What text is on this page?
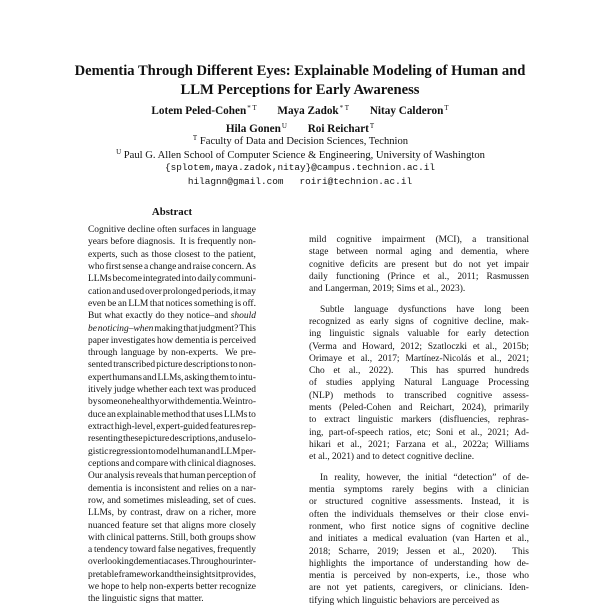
Dementia Through Different Eyes: Explainable Modeling of Human and
LLM Perceptions for Early Awareness
Lotem Peled-Cohen$^{* T}$ Maya Zadok$^{* T}$ Nitay Calderon$^T$
Hila Gonen$^U$ Roi Reichart$^T$
$^T$ Faculty of Data and Decision Sciences, Technion
$^U$ Paul G. Allen School of Computer Science & Engineering, University of Washington
{splotem,maya.zadok,nitay}@campus.technion.ac.il
hilagnn@gmail.com roiri@technion.ac.il
Abstract
Cognitive decline often surfaces in language
years before diagnosis. It is frequently non-
experts, such as those closest to the patient,
who first sense a change and raise concern. As
LLMs become integrated into daily communi-
cation and used over prolonged periods, it may
even be an LLM that notices something is off.
But what exactly do they notice–and should
be noticing–when making that judgment? This
paper investigates how dementia is perceived
through language by non-experts. We pre-
sented transcribed picture descriptions to non-
expert humans and LLMs, asking them to intu-
itively judge whether each text was produced
by someone healthy or with dementia. We intro-
duce an explainable method that uses LLMs to
extract high-level, expert-guided features rep-
resenting these picture descriptions, and use lo-
gistic regression to model human and LLM per-
ceptions and compare with clinical diagnoses.
Our analysis reveals that human perception of
dementia is inconsistent and relies on a nar-
row, and sometimes misleading, set of cues.
LLMs, by contrast, draw on a richer, more
nuanced feature set that aligns more closely
with clinical patterns. Still, both groups show
a tendency toward false negatives, frequently
overlooking dementia cases. Through our inter-
pretable framework and the insights it provides,
we hope to help non-experts better recognize
the linguistic signs that matter.
mild cognitive impairment (MCI), a transitional
stage between normal aging and dementia, where
cognitive deficits are present but do not yet impair
daily functioning (Prince et al., 2011; Rasmussen
and Langerman, 2019; Sims et al., 2023).
Subtle language dysfunctions have long been
recognized as early signs of cognitive decline, mak-
ing linguistic signals valuable for early detection
(Verma and Howard, 2012; Szatloczki et al., 2015b;
Orimaye et al., 2017; Martínez-Nicolás et al., 2021;
Cho et al., 2022). This has spurred hundreds
of studies applying Natural Language Processing
(NLP) methods to transcribed cognitive assess-
ments (Peled-Cohen and Reichart, 2024), primarily
to extract linguistic markers (disfluencies, rephras-
ing, part-of-speech ratios, etc; Soni et al., 2021; Ad-
hikari et al., 2021; Farzana et al., 2022a; Williams
et al., 2021) and to detect cognitive decline.
In reality, however, the initial “detection” of de-
mentia symptoms rarely begins with a clinician
or structured cognitive assessments. Instead, it is
often the individuals themselves or their close envi-
ronment, who first notice signs of cognitive decline
and initiates a medical evaluation (van Harten et al.,
2018; Scharre, 2019; Jessen et al., 2020). This
highlights the importance of understanding how de-
mentia is perceived by non-experts, i.e., those who
are not yet patients, caregivers, or clinicians. Iden-
tifying which linguistic behaviors are perceived as
